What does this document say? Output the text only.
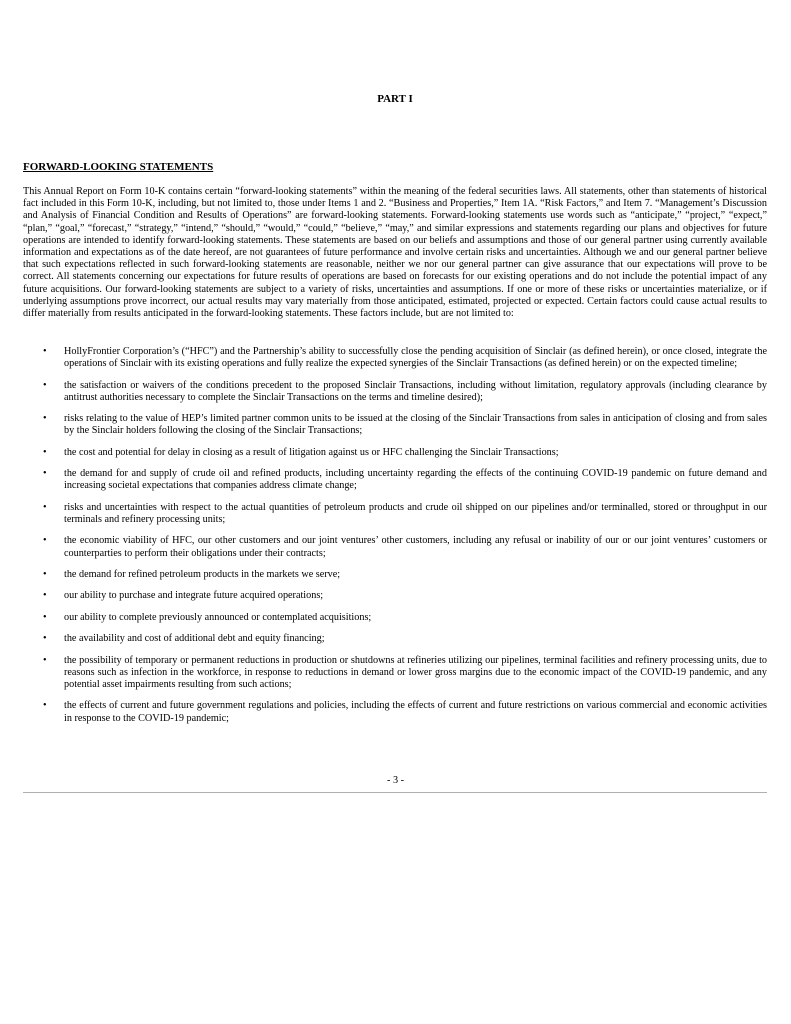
PART I
FORWARD-LOOKING STATEMENTS

This Annual Report on Form 10-K contains certain “forward-looking statements” within the meaning of the federal securities laws. All statements, other than statements of historical fact included in this Form 10-K, including, but not limited to, those under Items 1 and 2. “Business and Properties,” Item 1A. “Risk Factors,” and Item 7. “Management’s Discussion and Analysis of Financial Condition and Results of Operations” are forward-looking statements. Forward-looking statements use words such as “anticipate,” “project,” “expect,” “plan,” “goal,” “forecast,” “strategy,” “intend,” “should,” “would,” “could,” “believe,” “may,” and similar expressions and statements regarding our plans and objectives for future operations are intended to identify forward-looking statements. These statements are based on our beliefs and assumptions and those of our general partner using currently available information and expectations as of the date hereof, are not guarantees of future performance and involve certain risks and uncertainties. Although we and our general partner believe that such expectations reflected in such forward-looking statements are reasonable, neither we nor our general partner can give assurance that our expectations will prove to be correct. All statements concerning our expectations for future results of operations are based on forecasts for our existing operations and do not include the potential impact of any future acquisitions. Our forward-looking statements are subject to a variety of risks, uncertainties and assumptions. If one or more of these risks or uncertainties materialize, or if underlying assumptions prove incorrect, our actual results may vary materially from those anticipated, estimated, projected or expected. Certain factors could cause actual results to differ materially from results anticipated in the forward-looking statements. These factors include, but are not limited to:

• HollyFrontier Corporation’s (“HFC”) and the Partnership’s ability to successfully close the pending acquisition of Sinclair (as defined herein), or once closed, integrate the operations of Sinclair with its existing operations and fully realize the expected synergies of the Sinclair Transactions (as defined herein) or on the expected timeline;
• the satisfaction or waivers of the conditions precedent to the proposed Sinclair Transactions, including without limitation, regulatory approvals (including clearance by antitrust authorities necessary to complete the Sinclair Transactions on the terms and timeline desired);
• risks relating to the value of HEP’s limited partner common units to be issued at the closing of the Sinclair Transactions from sales in anticipation of closing and from sales by the Sinclair holders following the closing of the Sinclair Transactions;
• the cost and potential for delay in closing as a result of litigation against us or HFC challenging the Sinclair Transactions;
• the demand for and supply of crude oil and refined products, including uncertainty regarding the effects of the continuing COVID-19 pandemic on future demand and increasing societal expectations that companies address climate change;
• risks and uncertainties with respect to the actual quantities of petroleum products and crude oil shipped on our pipelines and/or terminalled, stored or throughput in our terminals and refinery processing units;
• the economic viability of HFC, our other customers and our joint ventures’ other customers, including any refusal or inability of our or our joint ventures’ customers or counterparties to perform their obligations under their contracts;
• the demand for refined petroleum products in the markets we serve;
• our ability to purchase and integrate future acquired operations;
• our ability to complete previously announced or contemplated acquisitions;
• the availability and cost of additional debt and equity financing;
• the possibility of temporary or permanent reductions in production or shutdowns at refineries utilizing our pipelines, terminal facilities and refinery processing units, due to reasons such as infection in the workforce, in response to reductions in demand or lower gross margins due to the economic impact of the COVID-19 pandemic, and any potential asset impairments resulting from such actions;
• the effects of current and future government regulations and policies, including the effects of current and future restrictions on various commercial and economic activities in response to the COVID-19 pandemic;
- 3 -
